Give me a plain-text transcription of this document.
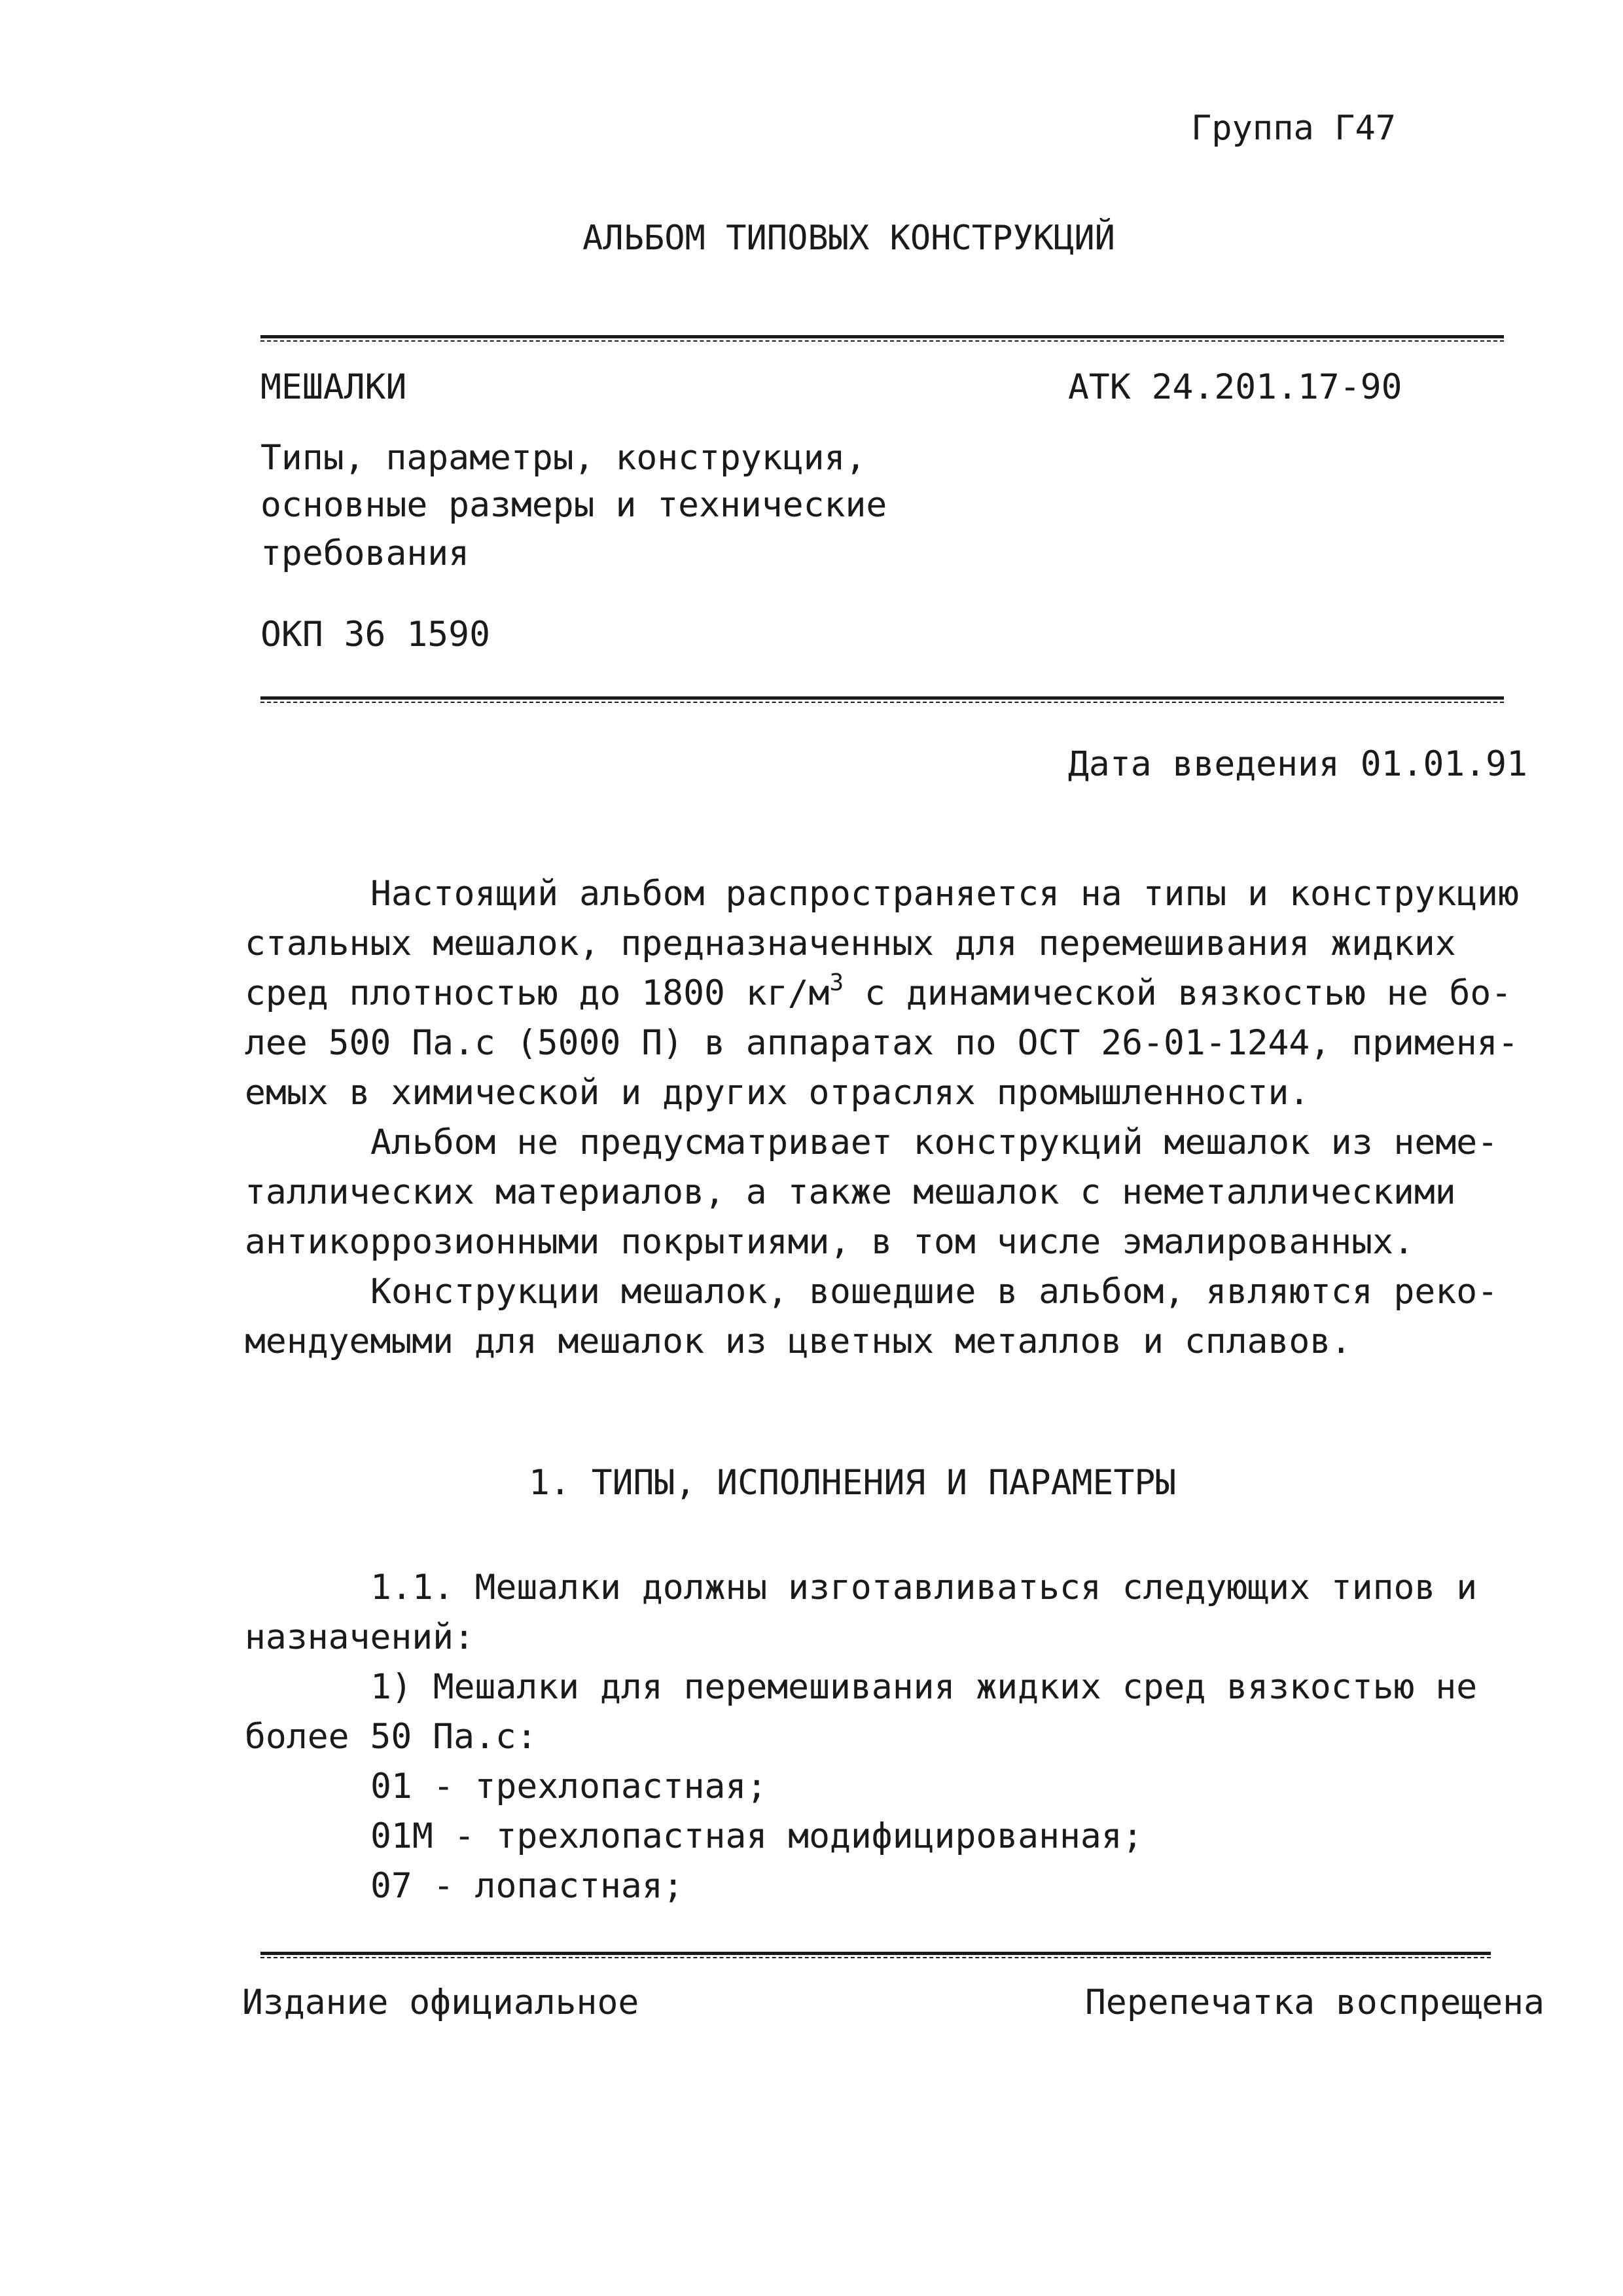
Группа Г47
АЛЬБОМ ТИПОВЫХ КОНСТРУКЦИЙ
МЕШАЛКИ	АТК 24.201.17-90
Типы, параметры, конструкция,
основные размеры и технические
требования
ОКП 36 1590
Дата введения 01.01.91
Настоящий альбом распространяется на типы и конструкцию
стальных мешалок, предназначенных для перемешивания жидких
сред плотностью до 1800 $кг/м^3$ с динамической вязкостью не бо-
лее 500 Па.с (5000 П) в аппаратах по ОСТ 26-01-1244, применя-
емых в химической и других отраслях промышленности.
Альбом не предусматривает конструкций мешалок из неме-
таллических материалов, а также мешалок с неметаллическими
антикоррозионными покрытиями, в том числе эмалированных.
Конструкции мешалок, вошедшие в альбом, являются реко-
мендуемыми для мешалок из цветных металлов и сплавов.
1. ТИПЫ, ИСПОЛНЕНИЯ И ПАРАМЕТРЫ
1.1. Мешалки должны изготавливаться следующих типов и
назначений:
1) Мешалки для перемешивания жидких сред вязкостью не
более 50 Па.с:
01 - трехлопастная;
01М - трехлопастная модифицированная;
07 - лопастная;
Издание официальное	Перепечатка воспрещена
